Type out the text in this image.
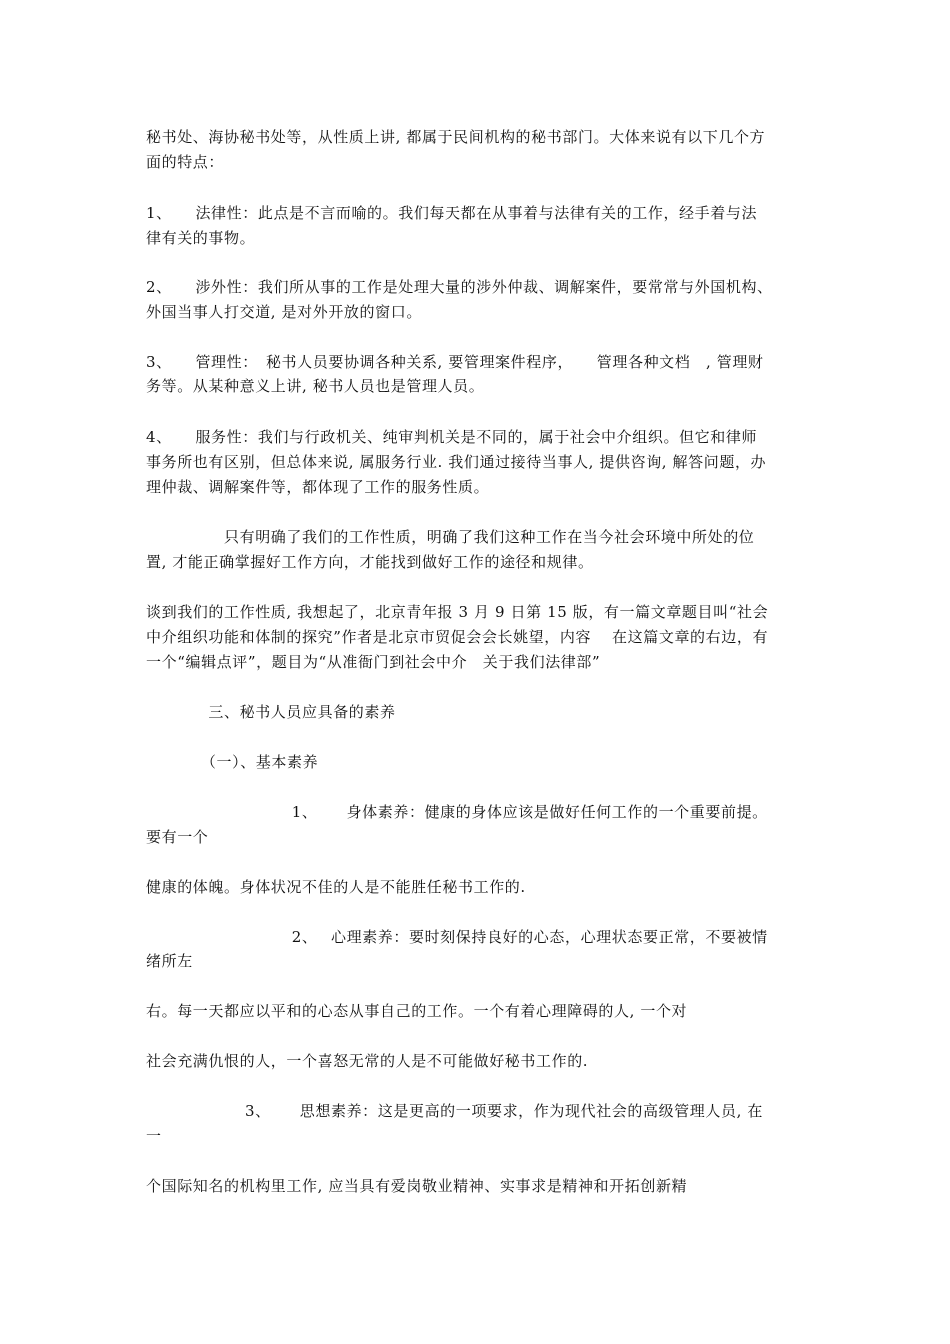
秘书处、海协秘书处等，从性质上讲, 都属于民间机构的秘书部门。大体来说有以下几个方
面的特点：
1、　　法律性：此点是不言而喻的。我们每天都在从事着与法律有关的工作，经手着与法
律有关的事物。
2、　　涉外性：我们所从事的工作是处理大量的涉外仲裁、调解案件，要常常与外国机构、
外国当事人打交道, 是对外开放的窗口。
3、　　管理性：　秘书人员要协调各种关系, 要管理案件程序，　　管理各种文档　, 管理财
务等。从某种意义上讲, 秘书人员也是管理人员。
4、　　服务性：我们与行政机关、纯审判机关是不同的，属于社会中介组织。但它和律师
事务所也有区别，但总体来说, 属服务行业. 我们通过接待当事人, 提供咨询, 解答问题，办
理仲裁、调解案件等，都体现了工作的服务性质。
　　　　　只有明确了我们的工作性质，明确了我们这种工作在当今社会环境中所处的位
置, 才能正确掌握好工作方向，才能找到做好工作的途径和规律。
谈到我们的工作性质, 我想起了，北京青年报 3 月 9 日第 15 版，有一篇文章题目叫“社会
中介组织功能和体制的探究”作者是北京市贸促会会长姚望，内容　 在这篇文章的右边，有
一个“编辑点评”，题目为“从准衙门到社会中介　关于我们法律部”
　　　　三、秘书人员应具备的素养
　　　　（一）、基本素养
　　　　　　　　　 1、　　 身体素养：健康的身体应该是做好任何工作的一个重要前提。
要有一个
健康的体魄。身体状况不佳的人是不能胜任秘书工作的.
　　　　　　　　　 2、　 心理素养：要时刻保持良好的心态，心理状态要正常，不要被情
绪所左
右。每一天都应以平和的心态从事自己的工作。一个有着心理障碍的人, 一个对
社会充满仇恨的人，一个喜怒无常的人是不可能做好秘书工作的.
　　　　　　 3、　　 思想素养：这是更高的一项要求，作为现代社会的高级管理人员, 在
一
个国际知名的机构里工作, 应当具有爱岗敬业精神、实事求是精神和开拓创新精
